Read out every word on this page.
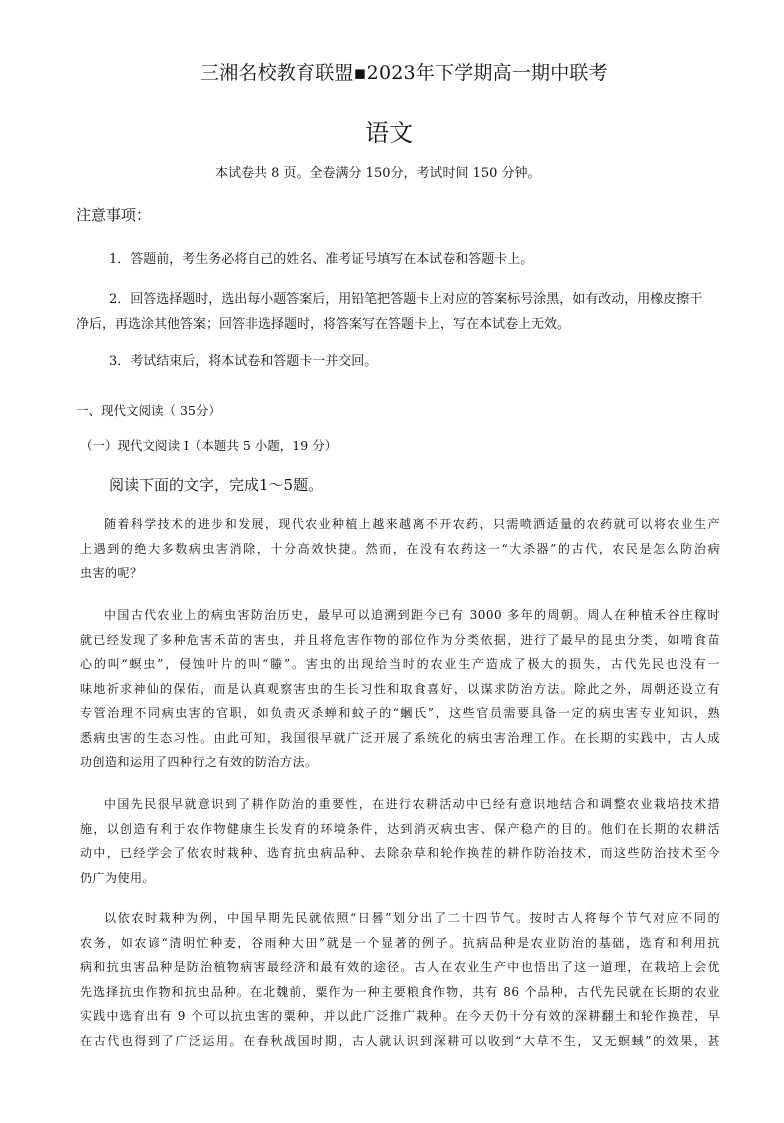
三湘名校教育联盟▪2023年下学期高一期中联考
语文
本试卷共 8 页。全卷满分 150分，考试时间 150 分钟。
注意事项：
1．答题前，考生务必将自己的姓名、准考证号填写在本试卷和答题卡上。
2．回答选择题时，选出每小题答案后，用铅笔把答题卡上对应的答案标号涂黑，如有改动，用橡皮擦干
净后，再选涂其他答案；回答非选择题时，将答案写在答题卡上，写在本试卷上无效。
3．考试结束后，将本试卷和答题卡一并交回。
一、现代文阅读（ 35分）
（一）现代文阅读 I（本题共 5 小题，19 分）
阅读下面的文字，完成1～5题。
随着科学技术的进步和发展，现代农业种植上越来越离不开农药，只需喷洒适量的农药就可以将农业生产
上遇到的绝大多数病虫害消除，十分高效快捷。然而，在没有农药这一“大杀器”的古代，农民是怎么防治病
虫害的呢？
中国古代农业上的病虫害防治历史，最早可以追溯到距今已有 3000 多年的周朝。周人在种植禾谷庄稼时
就已经发现了多种危害禾苗的害虫，并且将危害作物的部位作为分类依据，进行了最早的昆虫分类，如啃食苗
心的叫“螟虫”，侵蚀叶片的叫“螣”。害虫的出现给当时的农业生产造成了极大的损失，古代先民也没有一
味地祈求神仙的保佑，而是认真观察害虫的生长习性和取食喜好，以谋求防治方法。除此之外，周朝还设立有
专管治理不同病虫害的官职，如负责灭杀蝉和蚊子的“蟈氏”，这些官员需要具备一定的病虫害专业知识，熟
悉病虫害的生态习性。由此可知，我国很早就广泛开展了系统化的病虫害治理工作。在长期的实践中，古人成
功创造和运用了四种行之有效的防治方法。
中国先民很早就意识到了耕作防治的重要性，在进行农耕活动中已经有意识地结合和调整农业栽培技术措
施，以创造有利于农作物健康生长发育的环境条件，达到消灭病虫害、保产稳产的目的。他们在长期的农耕活
动中，已经学会了依农时栽种、选育抗虫病品种、去除杂草和轮作换茬的耕作防治技术，而这些防治技术至今
仍广为使用。
以依农时栽种为例，中国早期先民就依照“日晷”划分出了二十四节气。按时古人将每个节气对应不同的
农务，如农谚“清明忙种麦，谷雨种大田”就是一个显著的例子。抗病品种是农业防治的基础，选育和利用抗
病和抗虫害品种是防治植物病害最经济和最有效的途径。古人在农业生产中也悟出了这一道理，在栽培上会优
先选择抗虫作物和抗虫品种。在北魏前，粟作为一种主要粮食作物，共有 86 个品种，古代先民就在长期的农业
实践中选育出有 9 个可以抗虫害的粟种，并以此广泛推广栽种。在今天仍十分有效的深耕翻土和轮作换茬，早
在古代也得到了广泛运用。在春秋战国时期，古人就认识到深耕可以收到“大草不生，又无螟蜮”的效果，甚
